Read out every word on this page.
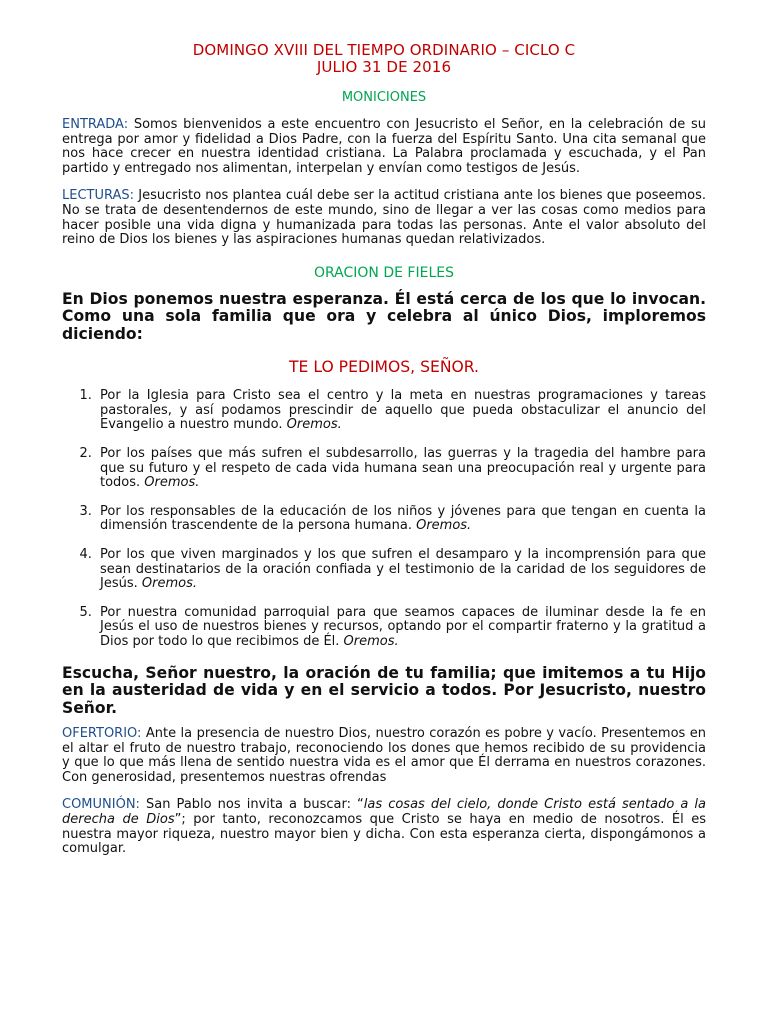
DOMINGO XVIII DEL TIEMPO ORDINARIO – CICLO C
JULIO 31 DE 2016
MONICIONES
ENTRADA: Somos bienvenidos a este encuentro con Jesucristo el Señor, en la celebración de su entrega por amor y fidelidad a Dios Padre, con la fuerza del Espíritu Santo. Una cita semanal que nos hace crecer en nuestra identidad cristiana. La Palabra proclamada y escuchada, y el Pan partido y entregado nos alimentan, interpelan y envían como testigos de Jesús.
LECTURAS: Jesucristo nos plantea cuál debe ser la actitud cristiana ante los bienes que poseemos. No se trata de desentendernos de este mundo, sino de llegar a ver las cosas como medios para hacer posible una vida digna y humanizada para todas las personas. Ante el valor absoluto del reino de Dios los bienes y las aspiraciones humanas quedan relativizados.
ORACION DE FIELES
En Dios ponemos nuestra esperanza. Él está cerca de los que lo invocan. Como una sola familia que ora y celebra al único Dios, imploremos diciendo:
TE LO PEDIMOS, SEÑOR.
1. Por la Iglesia para Cristo sea el centro y la meta en nuestras programaciones y tareas pastorales, y así podamos prescindir de aquello que pueda obstaculizar el anuncio del Evangelio a nuestro mundo. Oremos.
2. Por los países que más sufren el subdesarrollo, las guerras y la tragedia del hambre para que su futuro y el respeto de cada vida humana sean una preocupación real y urgente para todos. Oremos.
3. Por los responsables de la educación de los niños y jóvenes para que tengan en cuenta la dimensión trascendente de la persona humana. Oremos.
4. Por los que viven marginados y los que sufren el desamparo y la incomprensión para que sean destinatarios de la oración confiada y el testimonio de la caridad de los seguidores de Jesús. Oremos.
5. Por nuestra comunidad parroquial para que seamos capaces de iluminar desde la fe en Jesús el uso de nuestros bienes y recursos, optando por el compartir fraterno y la gratitud a Dios por todo lo que recibimos de Él. Oremos.
Escucha, Señor nuestro, la oración de tu familia; que imitemos a tu Hijo en la austeridad de vida y en el servicio a todos. Por Jesucristo, nuestro Señor.
OFERTORIO: Ante la presencia de nuestro Dios, nuestro corazón es pobre y vacío. Presentemos en el altar el fruto de nuestro trabajo, reconociendo los dones que hemos recibido de su providencia y que lo que más llena de sentido nuestra vida es el amor que Él derrama en nuestros corazones. Con generosidad, presentemos nuestras ofrendas
COMUNIÓN: San Pablo nos invita a buscar: “las cosas del cielo, donde Cristo está sentado a la derecha de Dios”; por tanto, reconozcamos que Cristo se haya en medio de nosotros. Él es nuestra mayor riqueza, nuestro mayor bien y dicha. Con esta esperanza cierta, dispongámonos a comulgar.
